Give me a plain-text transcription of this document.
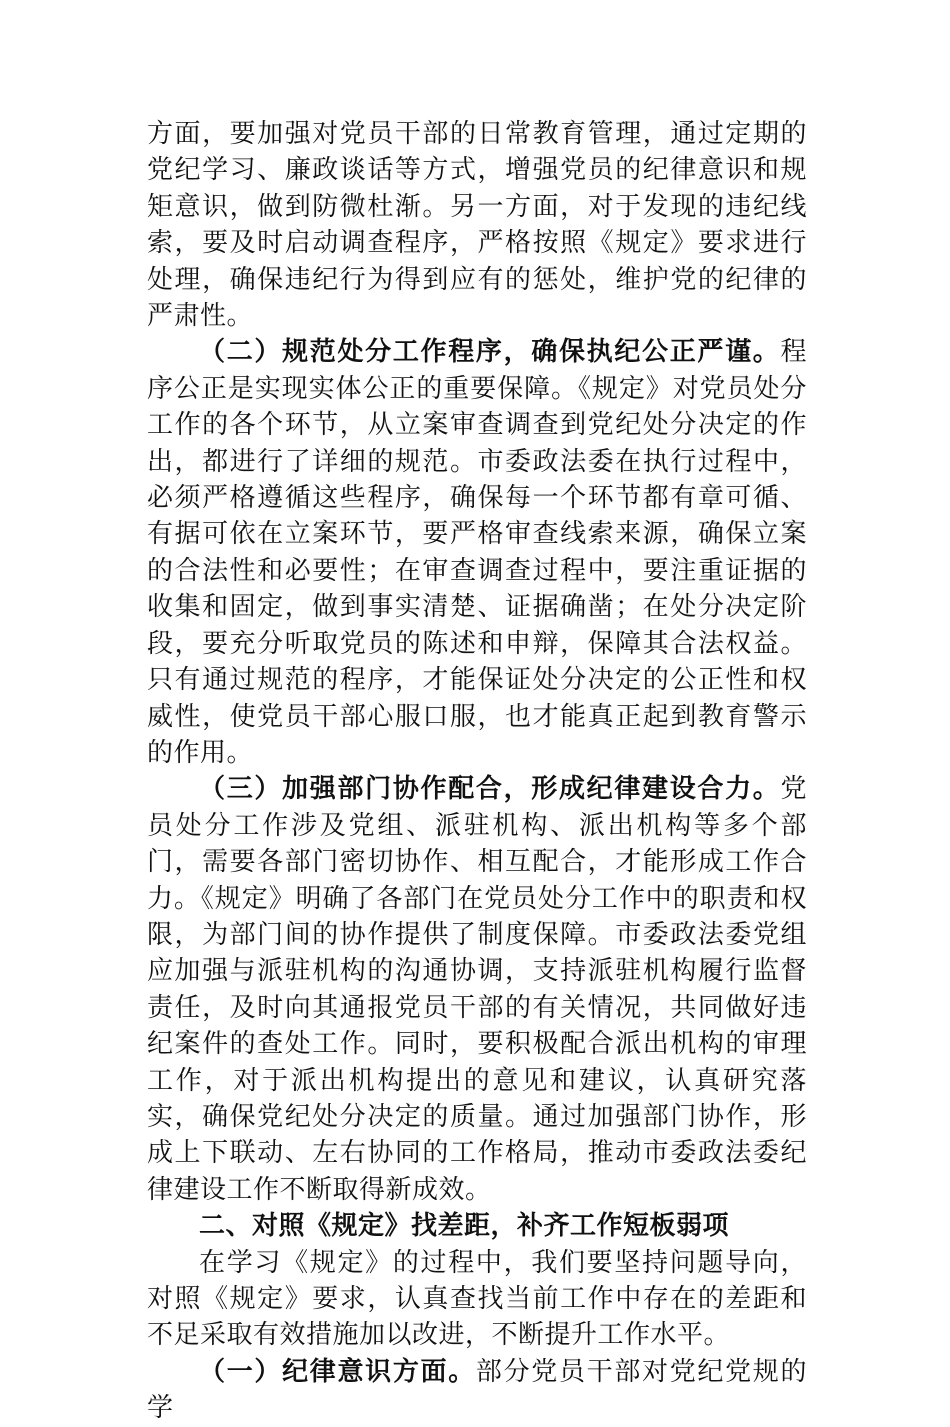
方面，要加强对党员干部的日常教育管理，通过定期的党纪学习、廉政谈话等方式，增强党员的纪律意识和规矩意识，做到防微杜渐。另一方面，对于发现的违纪线索，要及时启动调查程序，严格按照《规定》要求进行处理，确保违纪行为得到应有的惩处，维护党的纪律的严肃性。

（二）规范处分工作程序，确保执纪公正严谨。程序公正是实现实体公正的重要保障。《规定》对党员处分工作的各个环节，从立案审查调查到党纪处分决定的作出，都进行了详细的规范。市委政法委在执行过程中，必须严格遵循这些程序，确保每一个环节都有章可循、有据可依在立案环节，要严格审查线索来源，确保立案的合法性和必要性；在审查调查过程中，要注重证据的收集和固定，做到事实清楚、证据确凿；在处分决定阶段，要充分听取党员的陈述和申辩，保障其合法权益。只有通过规范的程序，才能保证处分决定的公正性和权威性，使党员干部心服口服，也才能真正起到教育警示的作用。

（三）加强部门协作配合，形成纪律建设合力。党员处分工作涉及党组、派驻机构、派出机构等多个部门，需要各部门密切协作、相互配合，才能形成工作合力。《规定》明确了各部门在党员处分工作中的职责和权限，为部门间的协作提供了制度保障。市委政法委党组应加强与派驻机构的沟通协调，支持派驻机构履行监督责任，及时向其通报党员干部的有关情况，共同做好违纪案件的查处工作。同时，要积极配合派出机构的审理工作，对于派出机构提出的意见和建议，认真研究落实，确保党纪处分决定的质量。通过加强部门协作，形成上下联动、左右协同的工作格局，推动市委政法委纪律建设工作不断取得新成效。

二、对照《规定》找差距，补齐工作短板弱项

在学习《规定》的过程中，我们要坚持问题导向，对照《规定》要求，认真查找当前工作中存在的差距和不足采取有效措施加以改进，不断提升工作水平。

（一）纪律意识方面。部分党员干部对党纪党规的学
